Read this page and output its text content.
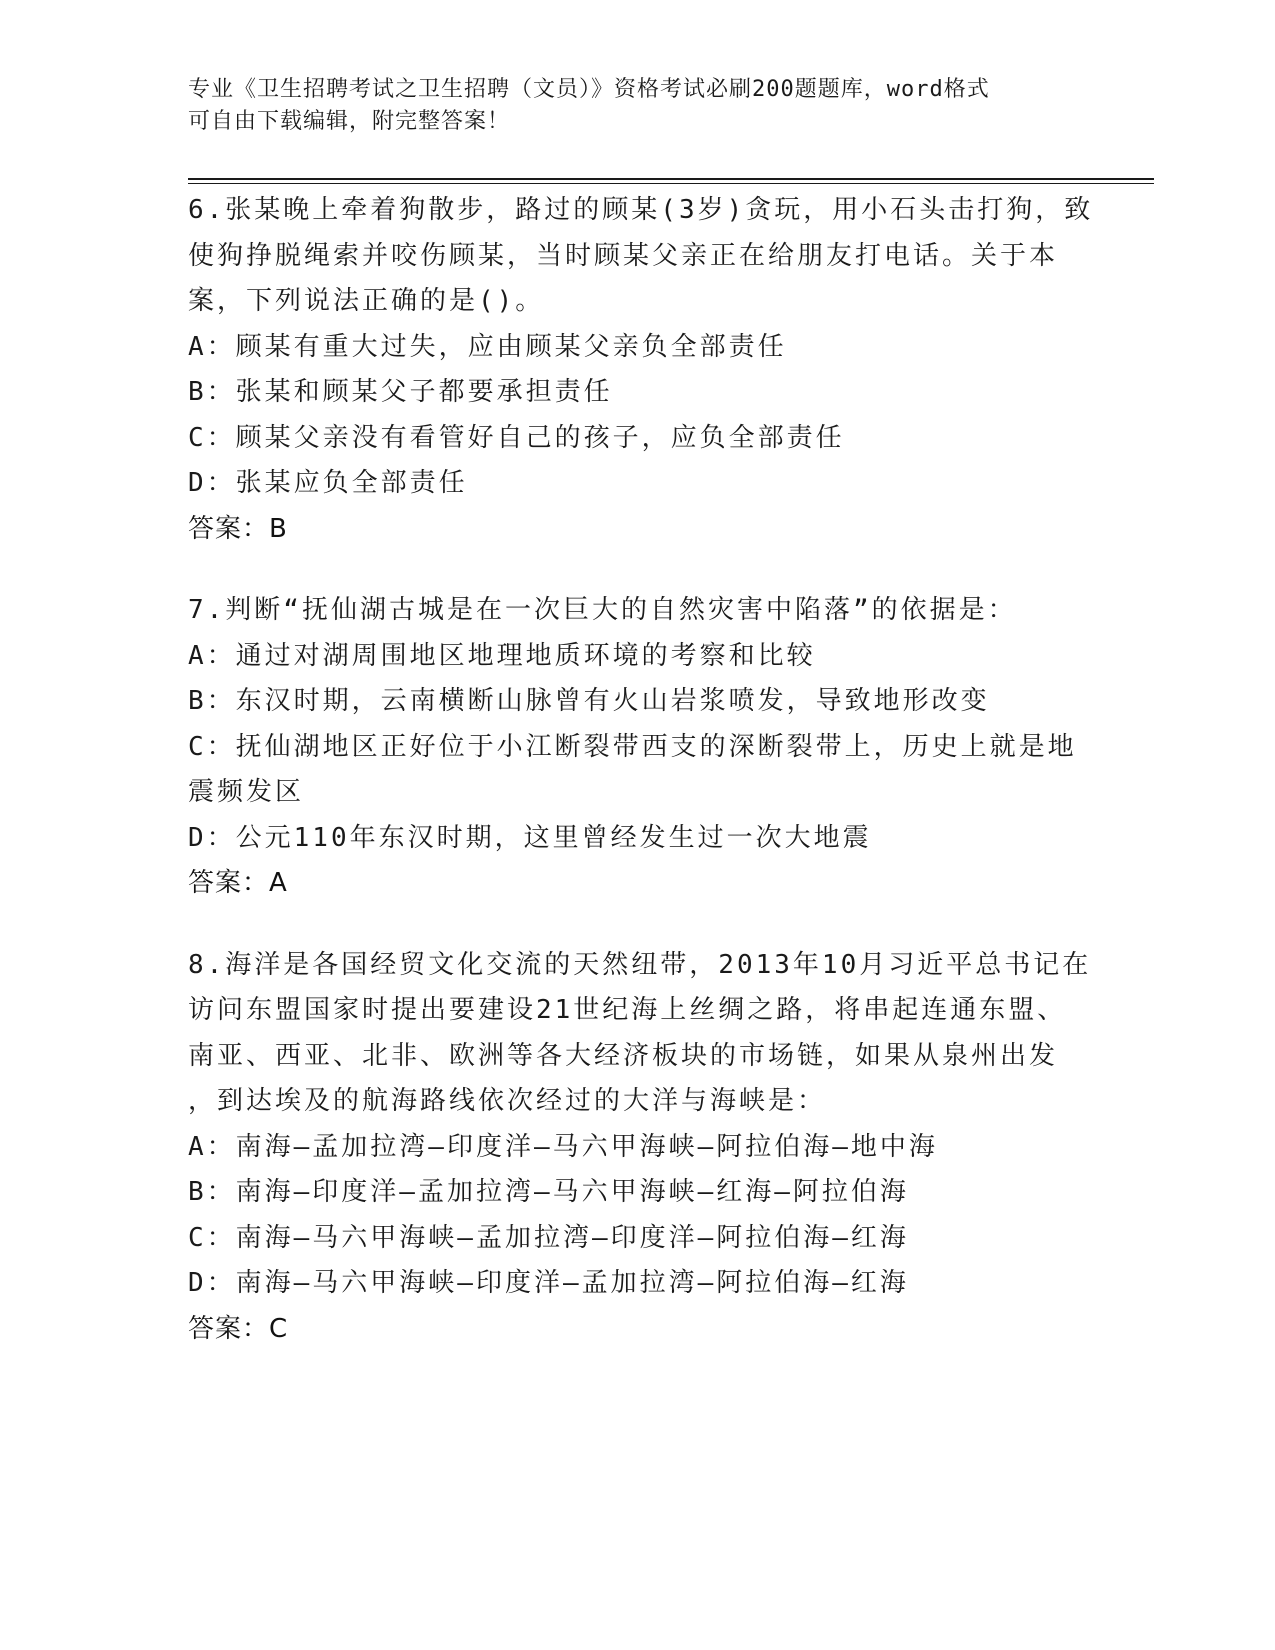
专业《卫生招聘考试之卫生招聘（文员）》资格考试必刷200题题库，word格式
可自由下载编辑，附完整答案！
6.张某晚上牵着狗散步，路过的顾某(3岁)贪玩，用小石头击打狗，致
使狗挣脱绳索并咬伤顾某，当时顾某父亲正在给朋友打电话。关于本
案，下列说法正确的是()。
A：顾某有重大过失，应由顾某父亲负全部责任
B：张某和顾某父子都要承担责任
C：顾某父亲没有看管好自己的孩子，应负全部责任
D：张某应负全部责任
答案：B
7.判断“抚仙湖古城是在一次巨大的自然灾害中陷落”的依据是：
A：通过对湖周围地区地理地质环境的考察和比较
B：东汉时期，云南横断山脉曾有火山岩浆喷发，导致地形改变
C：抚仙湖地区正好位于小江断裂带西支的深断裂带上，历史上就是地
震频发区
D：公元110年东汉时期，这里曾经发生过一次大地震
答案：A
8.海洋是各国经贸文化交流的天然纽带，2013年10月习近平总书记在
访问东盟国家时提出要建设21世纪海上丝绸之路，将串起连通东盟、
南亚、西亚、北非、欧洲等各大经济板块的市场链，如果从泉州出发
，到达埃及的航海路线依次经过的大洋与海峡是：
A：南海—孟加拉湾—印度洋—马六甲海峡—阿拉伯海—地中海
B：南海—印度洋—孟加拉湾—马六甲海峡—红海—阿拉伯海
C：南海—马六甲海峡—孟加拉湾—印度洋—阿拉伯海—红海
D：南海—马六甲海峡—印度洋—孟加拉湾—阿拉伯海—红海
答案：C
